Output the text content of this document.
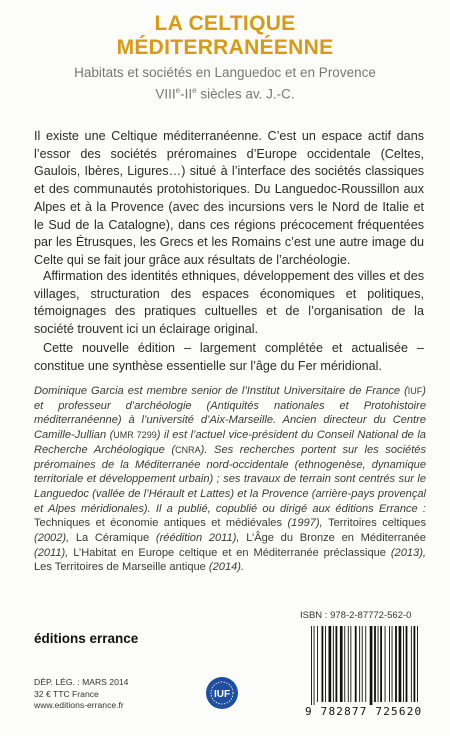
LA CELTIQUE
MÉDITERRANÉENNE
Habitats et sociétés en Languedoc et en Provence
VIIIe-IIe siècles av. J.-C.
Il existe une Celtique méditerranéenne. C’est un espace actif dans l’essor des sociétés préromaines d’Europe occidentale (Celtes, Gaulois, Ibères, Ligures…) situé à l’interface des sociétés classiques et des communautés protohistoriques. Du Languedoc-Roussillon aux Alpes et à la Provence (avec des incursions vers le Nord de Italie et le Sud de la Catalogne), dans ces régions précocement fréquentées par les Étrusques, les Grecs et les Romains c’est une autre image du Celte qui se fait jour grâce aux résultats de l’archéologie.
Affirmation des identités ethniques, développement des villes et des villages, structuration des espaces économiques et politiques, témoignages des pratiques cultuelles et de l’organisation de la société trouvent ici un éclairage original.
Cette nouvelle édition – largement complétée et actualisée – constitue une synthèse essentielle sur l’âge du Fer méridional.
Dominique Garcia est membre senior de l’Institut Universitaire de France (IUF) et professeur d’archéologie (Antiquités nationales et Protohistoire méditerranéenne) à l’université d’Aix-Marseille. Ancien directeur du Centre Camille-Jullian (UMR 7299) il est l’actuel vice-président du Conseil National de la Recherche Archéologique (CNRA). Ses recherches portent sur les sociétés préromaines de la Méditerranée nord-occidentale (ethnogenèse, dynamique territoriale et développement urbain) ; ses travaux de terrain sont centrés sur le Languedoc (vallée de l’Hérault et Lattes) et la Provence (arrière-pays provençal et Alpes méridionales). Il a publié, copublié ou dirigé aux éditions Errance : Techniques et économie antiques et médiévales (1997), Territoires celtiques (2002), La Céramique (réédition 2011), L’Âge du Bronze en Méditerranée (2011), L’Habitat en Europe celtique et en Méditerranée préclassique (2013), Les Territoires de Marseille antique (2014).
ISBN : 978-2-87772-562-0
éditions errance
DÉP. LÉG. : MARS 2014
32 € TTC France
www.editions-errance.fr
IUF
9 782877 725620
